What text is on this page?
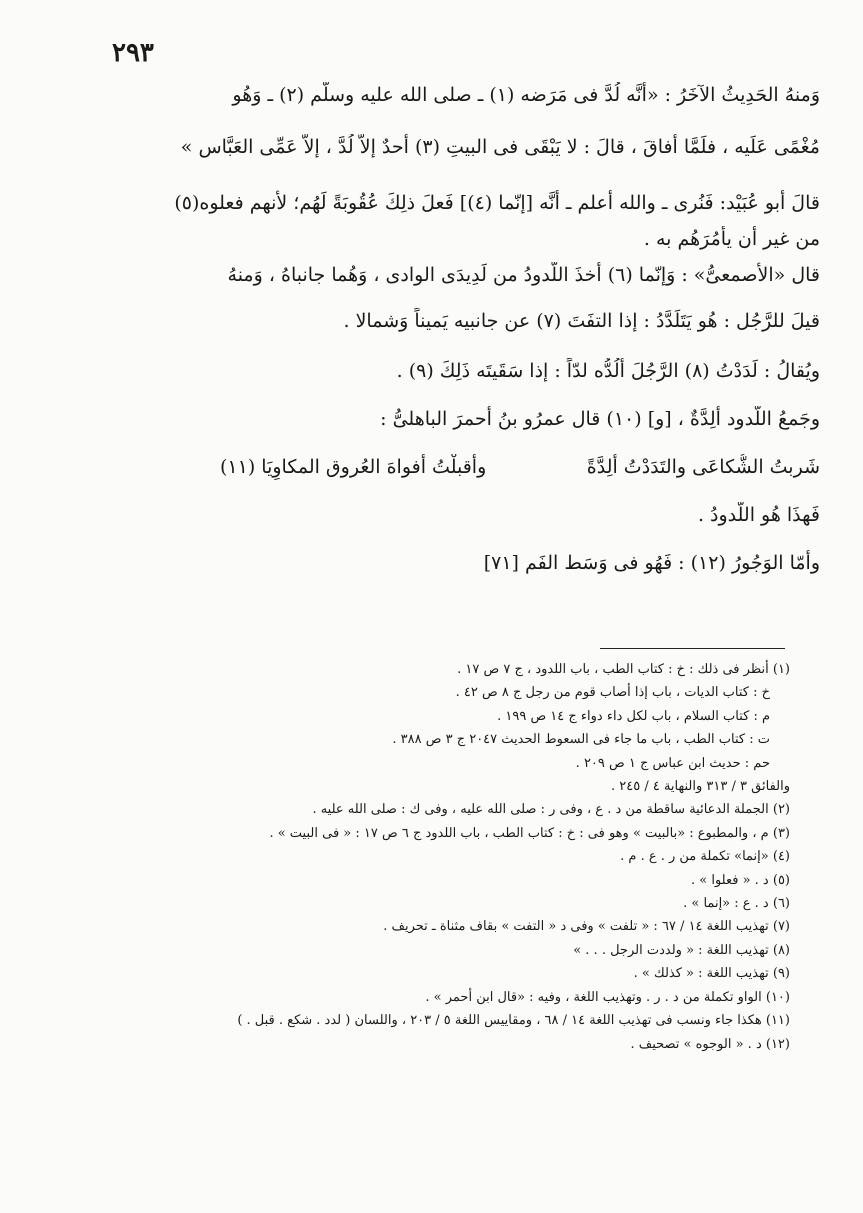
٢٩٣
وَمنهُ الحَدِيثُ الآخَرُ : «أنَّه لُدَّ فى مَرَضه (١) ـ صلى الله عليه وسلَّم (٢) ـ وَهُو
مُغْمًى عَلَيه ، فلَمَّا أفاقَ ، قالَ : لا يَبْقَى فى البيتِ (٣) أَحدٌ إلاّ لُدَّ ، إلاّ عَمِّى العَبَّاس »
قالَ أَبو عُبَيْد: فَنُرى ـ والله أعلم ـ أنَّه [إنّما (٤)] فَعلَ ذلِكَ عُقُوبَةً لَهُم؛ لأنهم فعلوه(٥)
من غير أن يأمُرَهُم به .
قال «الأصمعىُّ» : وَإنّما (٦) أُخذَ اللَّدودُ من لَدِيدَى الوادى ، وَهُما جانباهُ ، وَمنهُ
قيلَ للرَّجُل : هُو يَتَلَدَّدُ : إذا التفَتَ (٧) عن جانبيه يَميناً وَشمالا .
ويُقالُ : لَدَدْتُ (٨) الرَّجُلَ أَلُدُّه لدّاً : إذا سَقَيتَه ذَلِكَ (٩) .
وجَمعُ اللَّدود أَلِدَّةٌ ، [و] (١٠) قال عمرُو بنُ أحمرَ الباهلىُّ :
شَربتُ الشُّكاعَى والتَدَدْتُ أَلِدَّةً
وأقبلْتُ أفواهَ العُروق المكاوِيَا (١١)
فَهذَا هُو اللَّدودُ .
وأمّا الوَجُورُ (١٢) : فَهُو فى وَسَط الفَم [٧١]
(١) أنظر فى ذلك : خ : كتاب الطب ، باب اللدود ، ج ٧ ص ١٧ .
خ : كتاب الديات ، باب إذا أصاب قوم من رجل ج ٨ ص ٤٢ .
م : كتاب السلام ، باب لكل داء دواء ج ١٤ ص ١٩٩ .
ت : كتاب الطب ، باب ما جاء فى السعوط الحديث ٢٠٤٧ ج ٣ ص ٣٨٨ .
حم : حديث ابن عباس ج ١ ص ٢٠٩ .
والفائق ٣ / ٣١٣ والنهاية ٤ / ٢٤٥ .
(٢) الجملة الدعائية ساقطة من د . ع ، وفى ر : صلى الله عليه ، وفى ك : صلى الله عليه .
(٣) م ، والمطبوع : «بالبيت » وهو فى : خ : كتاب الطب ، باب اللدود ج ٦ ص ١٧ : « فى البيت » .
(٤) «إنما» تكملة من ر . ع . م .
(٥) د . « فعلوا » .
(٦) د . ع : «إنما » .
(٧) تهذيب اللغة ١٤ / ٦٧ : « تلفت » وفى د « التفت » بقاف مثناة ـ تحريف .
(٨) تهذيب اللغة : « ولددت الرجل . . . »
(٩) تهذيب اللغة : « كذلك » .
(١٠) الواو تكملة من د . ر . وتهذيب اللغة ، وفيه : «قال ابن أحمر » .
(١١) هكذا جاء ونسب فى تهذيب اللغة ١٤ / ٦٨ ، ومقاييس اللغة ٥ / ٢٠٣ ، واللسان ( لدد . شكع . قبل . )
(١٢) د . « الوجوه » تصحيف .
